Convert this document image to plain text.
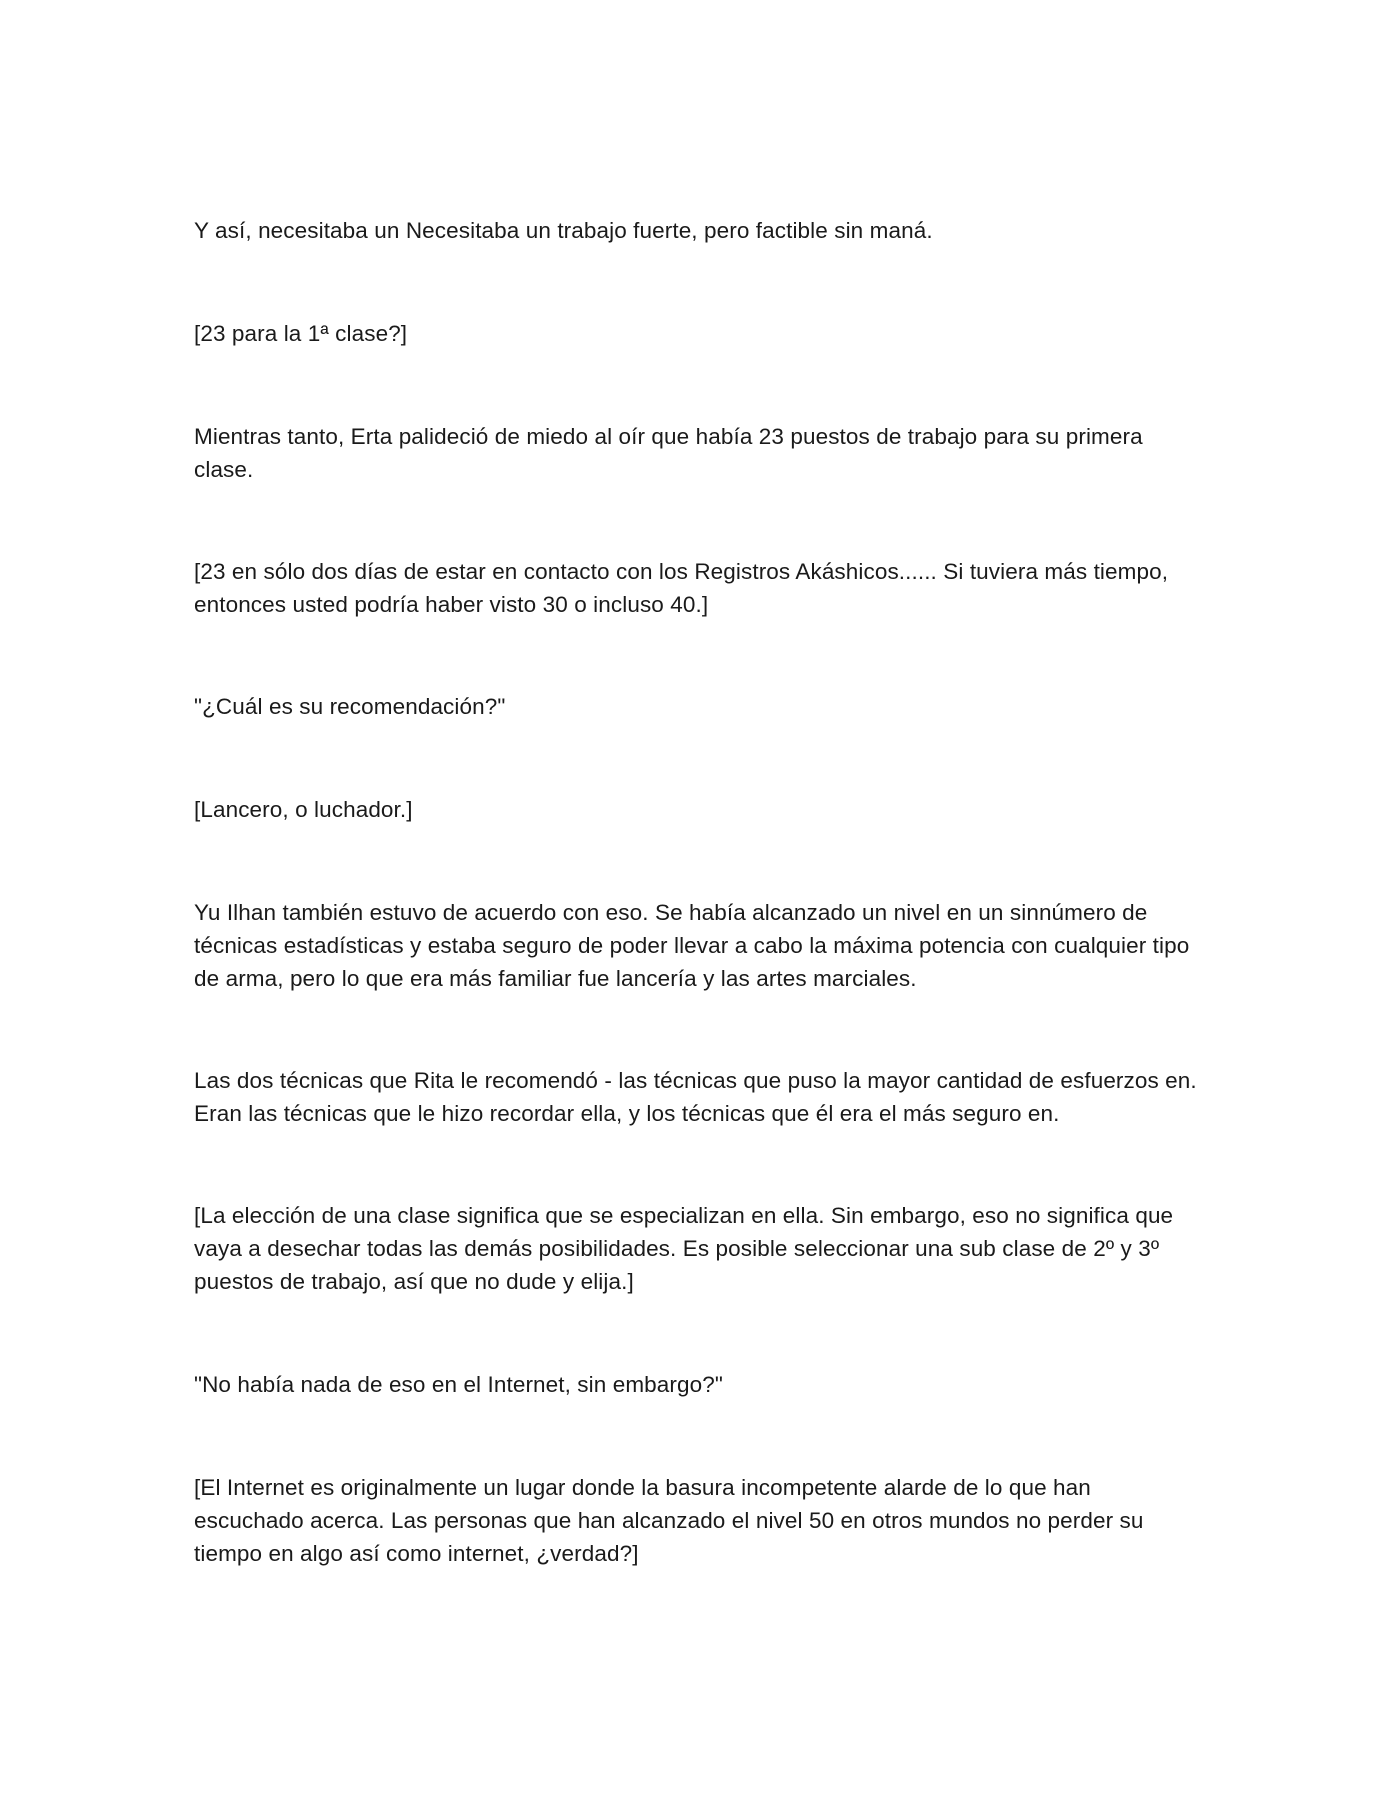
Y así, necesitaba un Necesitaba un trabajo fuerte, pero factible sin maná.

[23 para la 1ª clase?]

Mientras tanto, Erta palideció de miedo al oír que había 23 puestos de trabajo para su primera clase.

[23 en sólo dos días de estar en contacto con los Registros Akáshicos...... Si tuviera más tiempo, entonces usted podría haber visto 30 o incluso 40.]

"¿Cuál es su recomendación?"

[Lancero, o luchador.]

Yu Ilhan también estuvo de acuerdo con eso. Se había alcanzado un nivel en un sinnúmero de técnicas estadísticas y estaba seguro de poder llevar a cabo la máxima potencia con cualquier tipo de arma, pero lo que era más familiar fue lancería y las artes marciales.

Las dos técnicas que Rita le recomendó - las técnicas que puso la mayor cantidad de esfuerzos en. Eran las técnicas que le hizo recordar ella, y los técnicas que él era el más seguro en.

[La elección de una clase significa que se especializan en ella. Sin embargo, eso no significa que vaya a desechar todas las demás posibilidades. Es posible seleccionar una sub clase de 2º y 3º puestos de trabajo, así que no dude y elija.]

"No había nada de eso en el Internet, sin embargo?"

[El Internet es originalmente un lugar donde la basura incompetente alarde de lo que han escuchado acerca. Las personas que han alcanzado el nivel 50 en otros mundos no perder su tiempo en algo así como internet, ¿verdad?]
